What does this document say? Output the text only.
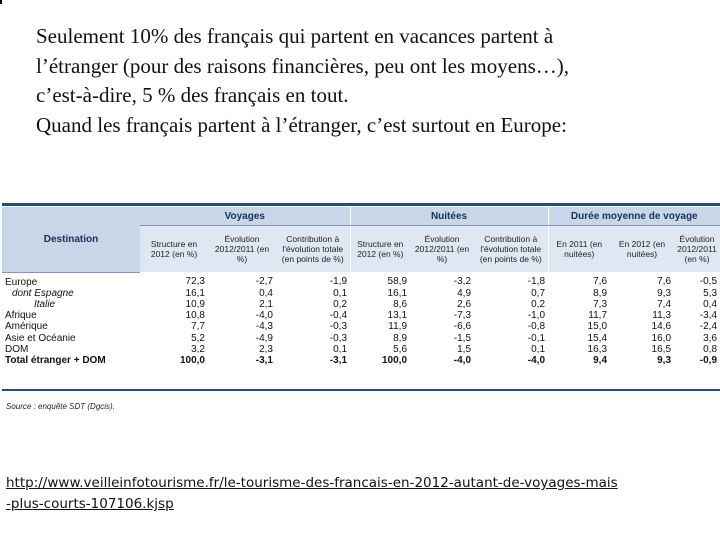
Seulement 10% des français qui partent en vacances partent à
l’étranger (pour des raisons financières, peu ont les moyens…),
c’est-à-dire, 5 % des français en tout.
Quand les français partent à l’étranger, c’est surtout en Europe:
Destination	Voyages			Nuitées			Durée moyenne de voyage		
	Structure en 2012 (en %)	Évolution 2012/2011 (en %)	Contribution à l'évolution totale (en points de %)	Structure en 2012 (en %)	Évolution 2012/2011 (en %)	Contribution à l'évolution totale (en points de %)	En 2011 (en nuitées)	En 2012 (en nuitées)	Évolution 2012/2011 (en %)
Europe	72,3	-2,7	-1,9	58,9	-3,2	-1,8	7,6	7,6	-0,5
dont Espagne	16,1	0,4	0,1	16,1	4,9	0,7	8,9	9,3	5,3
Italie	10,9	2,1	0,2	8,6	2,6	0,2	7,3	7,4	0,4
Afrique	10,8	-4,0	-0,4	13,1	-7,3	-1,0	11,7	11,3	-3,4
Amérique	7,7	-4,3	-0,3	11,9	-6,6	-0,8	15,0	14,6	-2,4
Asie et Océanie	5,2	-4,9	-0,3	8,9	-1,5	-0,1	15,4	16,0	3,6
DOM	3,2	2,3	0,1	5,6	1,5	0,1	16,3	16,5	0,8
Total étranger + DOM	100,0	-3,1	-3,1	100,0	-4,0	-4,0	9,4	9,3	-0,9
Source : enquête SDT (Dgcis).
http://www.veilleinfotourisme.fr/le-tourisme-des-francais-en-2012-autant-de-voyages-mais
-plus-courts-107106.kjsp
